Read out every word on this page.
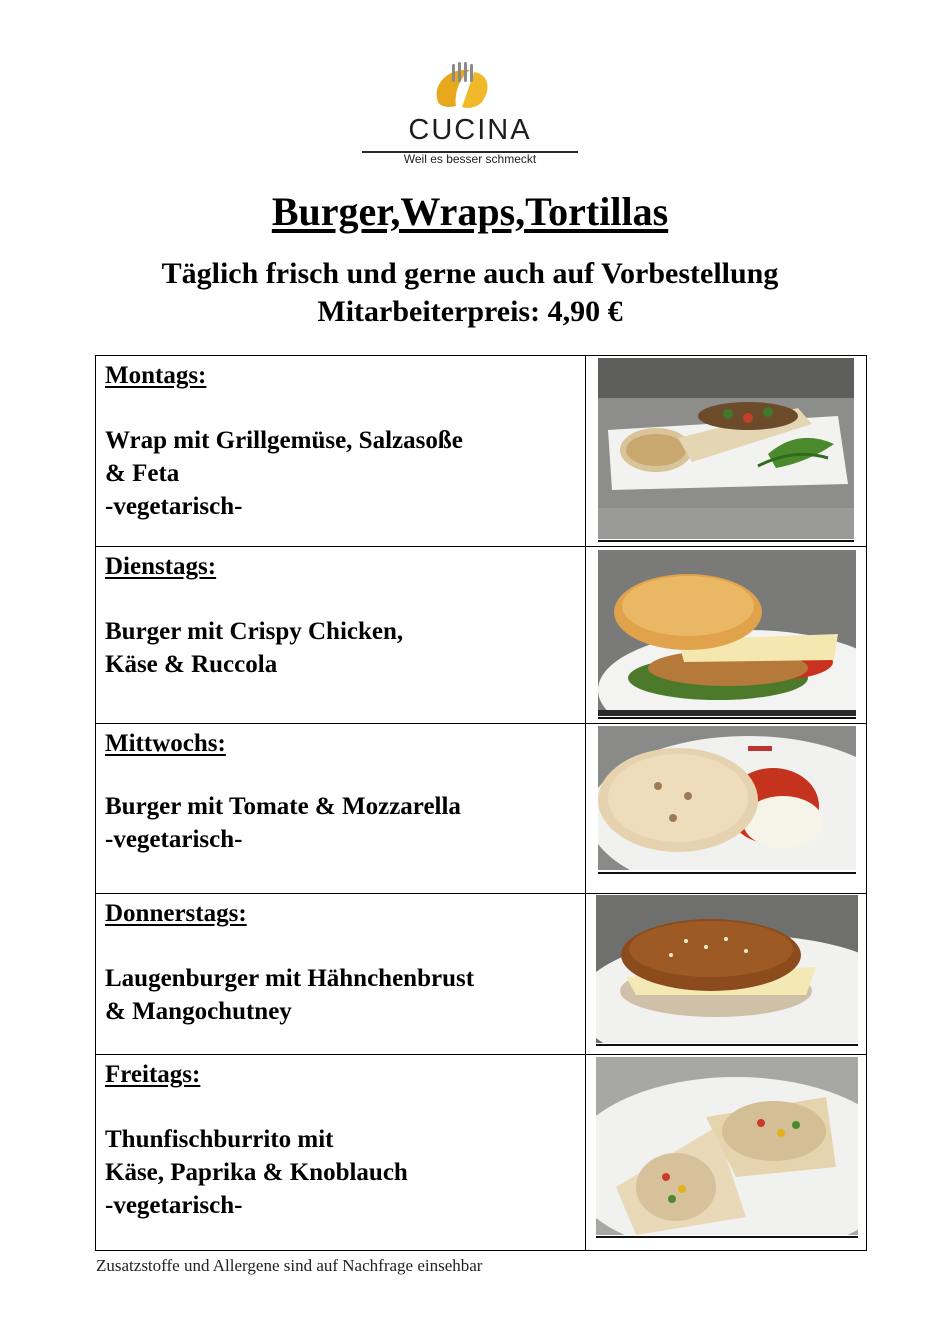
CUCINA
Weil es besser schmeckt
Burger,Wraps,Tortillas
Täglich frisch und gerne auch auf Vorbestellung
Mitarbeiterpreis: 4,90 €
Montags:
Wrap mit Grillgemüse, Salzasoße
& Feta
-vegetarisch-
Dienstags:
Burger mit Crispy Chicken,
Käse & Ruccola
Mittwochs:
Burger mit Tomate & Mozzarella
-vegetarisch-
Donnerstags:
Laugenburger mit Hähnchenbrust
& Mangochutney
Freitags:
Thunfischburrito mit
Käse, Paprika & Knoblauch
-vegetarisch-
Zusatzstoffe und Allergene sind auf Nachfrage einsehbar
